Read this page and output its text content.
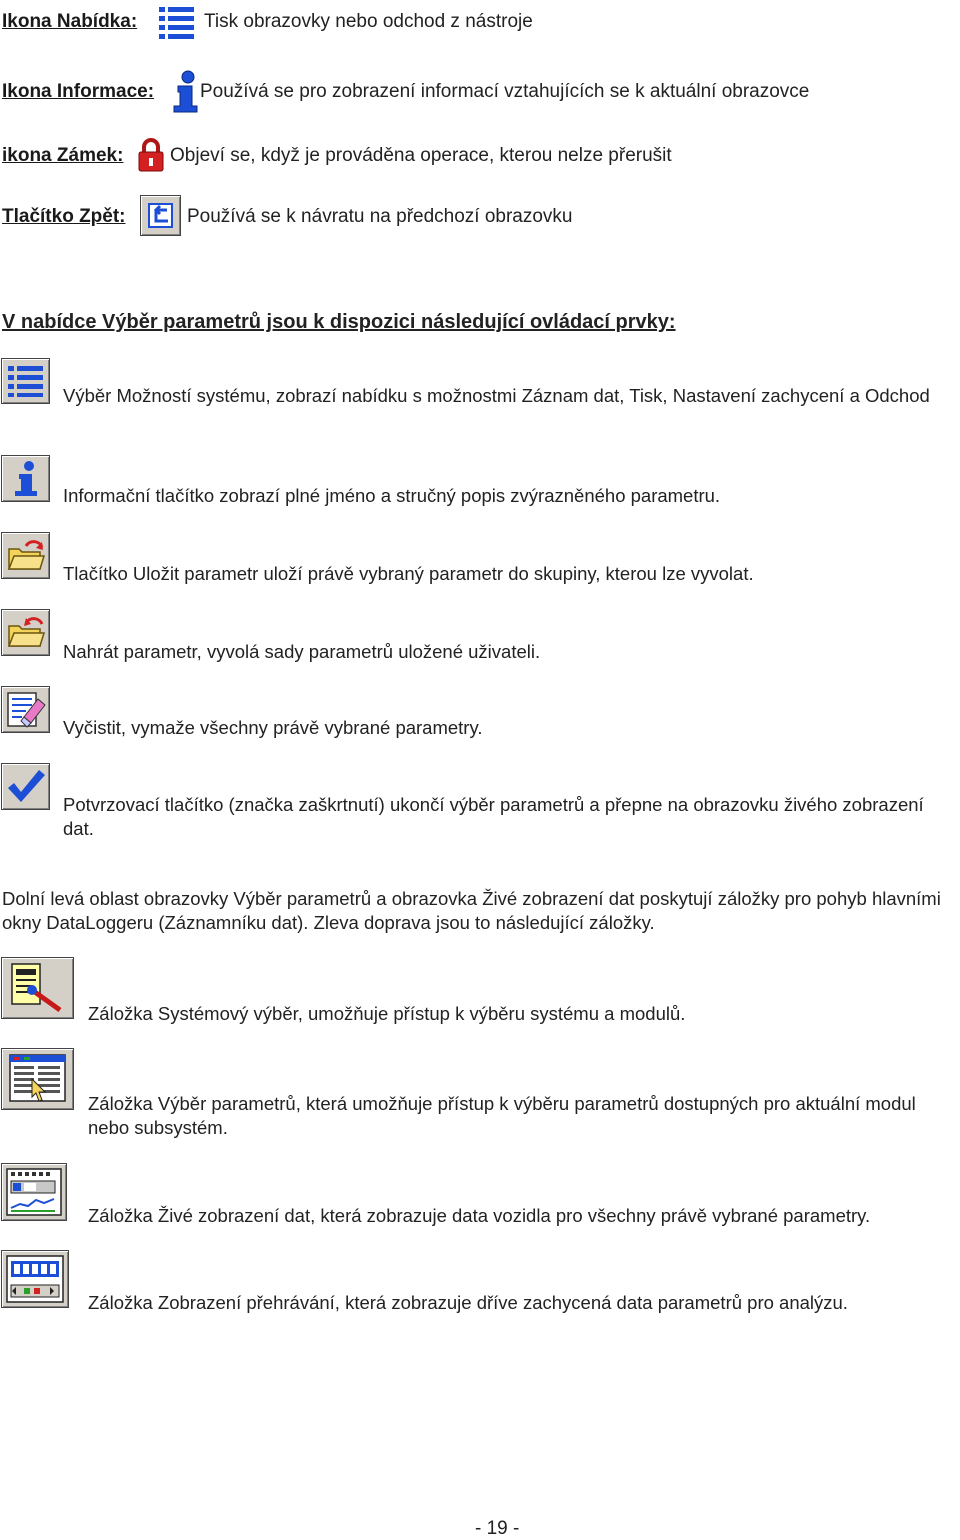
Ikona Nabídka:	Tisk obrazovky nebo odchod z nástroje
Ikona Informace: Používá se pro zobrazení informací vztahujících se k aktuální obrazovce
ikona Zámek: Objeví se, když je prováděna operace, kterou nelze přerušit
Tlačítko Zpět:	Používá se k návratu na předchozí obrazovku
V nabídce Výběr parametrů jsou k dispozici následující ovládací prvky:
Výběr Možností systému, zobrazí nabídku s možnostmi Záznam dat, Tisk, Nastavení zachycení a Odchod
Informační tlačítko zobrazí plné jméno a stručný popis zvýrazněného parametru.
Tlačítko Uložit parametr uloží právě vybraný parametr do skupiny, kterou lze vyvolat.
Nahrát parametr, vyvolá sady parametrů uložené uživateli.
Vyčistit, vymaže všechny právě vybrané parametry.
Potvrzovací tlačítko (značka zaškrtnutí) ukončí výběr parametrů a přepne na obrazovku živého zobrazení dat.
Dolní levá oblast obrazovky Výběr parametrů a obrazovka Živé zobrazení dat poskytují záložky pro pohyb hlavními okny DataLoggeru (Záznamníku dat). Zleva doprava jsou to následující záložky.
Záložka Systémový výběr, umožňuje přístup k výběru systému a modulů.
Záložka Výběr parametrů, která umožňuje přístup k výběru parametrů dostupných pro aktuální modul nebo subsystém.
Záložka Živé zobrazení dat, která zobrazuje data vozidla pro všechny právě vybrané parametry.
Záložka Zobrazení přehrávání, která zobrazuje dříve zachycená data parametrů pro analýzu.
- 19 -
